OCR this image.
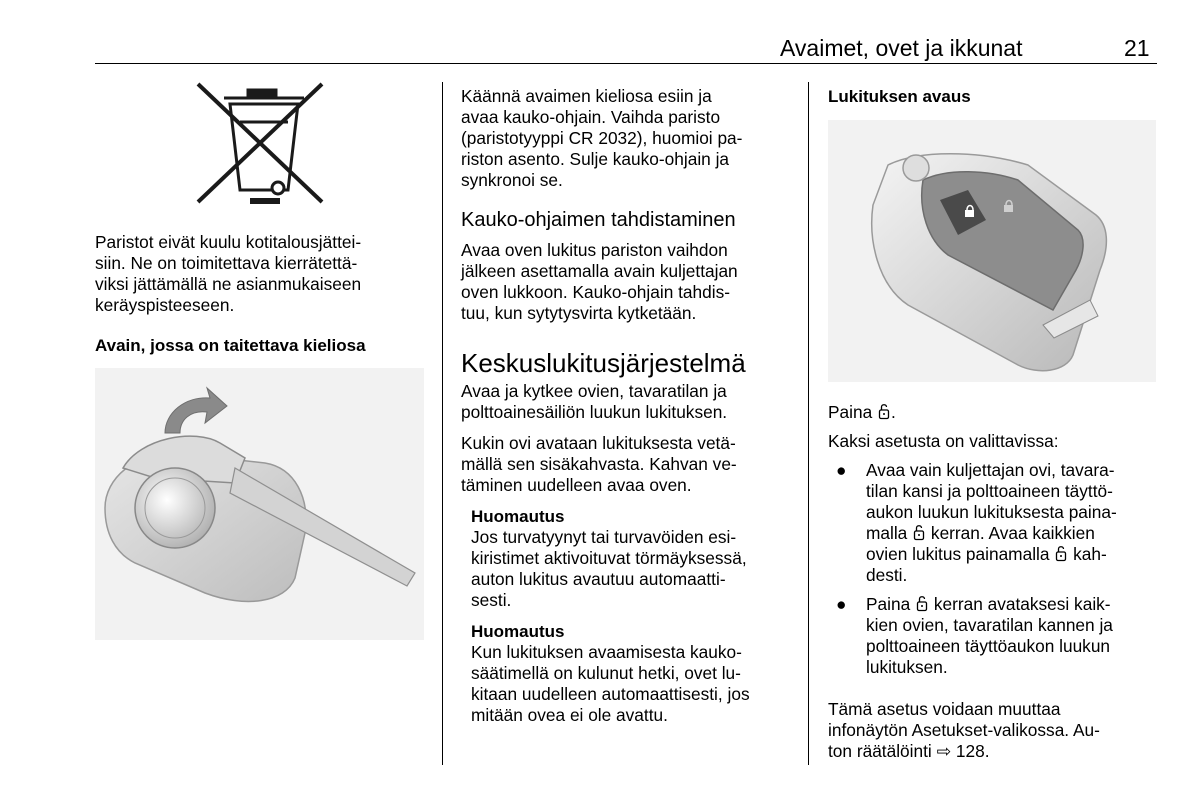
Avaimet, ovet ja ikkunat	21

Paristot eivät kuulu kotitalousjättei-
siin. Ne on toimitettava kierrätettä-
viksi jättämällä ne asianmukaiseen
keräyspisteeseen.

Avain, jossa on taitettava kieliosa

Käännä avaimen kieliosa esiin ja
avaa kauko-ohjain. Vaihda paristo
(paristotyyppi CR 2032), huomioi pa-
riston asento. Sulje kauko-ohjain ja
synkronoi se.

Kauko-ohjaimen tahdistaminen

Avaa oven lukitus pariston vaihdon
jälkeen asettamalla avain kuljettajan
oven lukkoon. Kauko-ohjain tahdis-
tuu, kun sytytysvirta kytketään.

Keskuslukitusjärjestelmä

Avaa ja kytkee ovien, tavaratilan ja
polttoainesäiliön luukun lukituksen.

Kukin ovi avataan lukituksesta vetä-
mällä sen sisäkahvasta. Kahvan ve-
täminen uudelleen avaa oven.

Huomautus

Jos turvatyynyt tai turvavöiden esi-
kiristimet aktivoituvat törmäyksessä,
auton lukitus avautuu automaatti-
sesti.

Huomautus

Kun lukituksen avaamisesta kauko-
säätimellä on kulunut hetki, ovet lu-
kitaan uudelleen automaattisesti, jos
mitään ovea ei ole avattu.

Lukituksen avaus

Paina .

Kaksi asetusta on valittavissa:

● Avaa vain kuljettajan ovi, tavara-
tilan kansi ja polttoaineen täyttö-
aukon luukun lukituksesta paina-
malla

kerran. Avaa kaikkien
ovien lukitus painamalla

kah-
desti.

● Paina

kerran avataksesi kaik-
kien ovien, tavaratilan kannen ja
polttoaineen täyttöaukon luukun
lukituksen.

Tämä asetus voidaan muuttaa
infonäytön Asetukset-valikossa. Au-
ton räätälöinti ⇨ 128.
